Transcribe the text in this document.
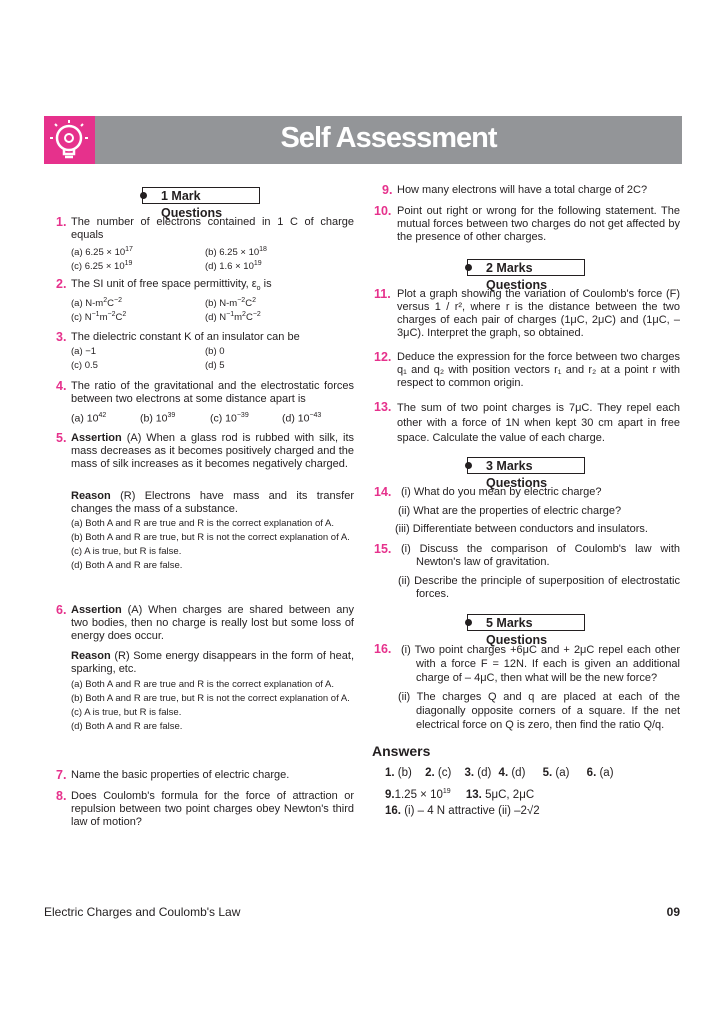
Self Assessment
1 Mark Questions
1. The number of electrons contained in 1 C of charge equals
(a) $6.25 \times 10^{17}$	(b) $6.25 \times 10^{18}$
(c) $6.25 \times 10^{19}$	(d) $1.6 \times 10^{19}$
2. The SI unit of free space permittivity, $\varepsilon_o$ is
(a) $N-m^2C^{-2}$	(b) $N-m^{-2}C^2$
(c) $N^{-1}m^{-2}C^2$	(d) $N^{-1}m^2C^{-2}$
3. The dielectric constant K of an insulator can be
(a) −1	(b) 0
(c) 0.5	(d) 5
4. The ratio of the gravitational and the electrostatic forces between two electrons at some distance apart is
(a) $10^{42}$	(b) $10^{39}$	(c) $10^{-39}$	(d) $10^{-43}$
5. Assertion (A) When a glass rod is rubbed with silk, its mass decreases as it becomes positively charged and the mass of silk increases as it becomes negatively charged.
Reason (R) Electrons have mass and its transfer changes the mass of a substance.
(a) Both A and R are true and R is the correct explanation of A.
(b) Both A and R are true, but R is not the correct explanation of A.
(c) A is true, but R is false.
(d) Both A and R are false.
6. Assertion (A) When charges are shared between any two bodies, then no charge is really lost but some loss of energy does occur.
Reason (R) Some energy disappears in the form of heat, sparking, etc.
(a) Both A and R are true and R is the correct explanation of A.
(b) Both A and R are true, but R is not the correct explanation of A.
(c) A is true, but R is false.
(d) Both A and R are false.
7. Name the basic properties of electric charge.
8. Does Coulomb's formula for the force of attraction or repulsion between two point charges obey Newton's third law of motion?
9. How many electrons will have a total charge of 2C?
10. Point out right or wrong for the following statement. The mutual forces between two charges do not get affected by the presence of other charges.
2 Marks Questions
11. Plot a graph showing the variation of Coulomb's force (F) versus 1 / r², where r is the distance between the two charges of each pair of charges (1μC, 2μC) and (1μC, – 3μC). Interpret the graph, so obtained.
12. Deduce the expression for the force between two charges q₁ and q₂ with position vectors r₁ and r₂ at a point r with respect to common origin.
13. The sum of two point charges is 7μC. They repel each other with a force of 1N when kept 30 cm apart in free space. Calculate the value of each charge.
3 Marks Questions
14. (i) What do you mean by electric charge?
(ii) What are the properties of electric charge?
(iii) Differentiate between conductors and insulators.
15. (i) Discuss the comparison of Coulomb's law with Newton's law of gravitation.
(ii) Describe the principle of superposition of electrostatic forces.
5 Marks Questions
16. (i) Two point charges +6μC and + 2μC repel each other with a force F = 12N. If each is given an additional charge of – 4μC, then what will be the new force?
(ii) The charges Q and q are placed at each of the diagonally opposite corners of a square. If the net electrical force on Q is zero, then find the ratio Q/q.
Answers
1. (b) 2. (c) 3. (d) 4. (d) 5. (a) 6. (a)
$9.1.25 \times 10^{19}$ 13. 5μC, 2μC
16. (i) – 4 N attractive (ii) –2√2
Electric Charges and Coulomb's Law	09
